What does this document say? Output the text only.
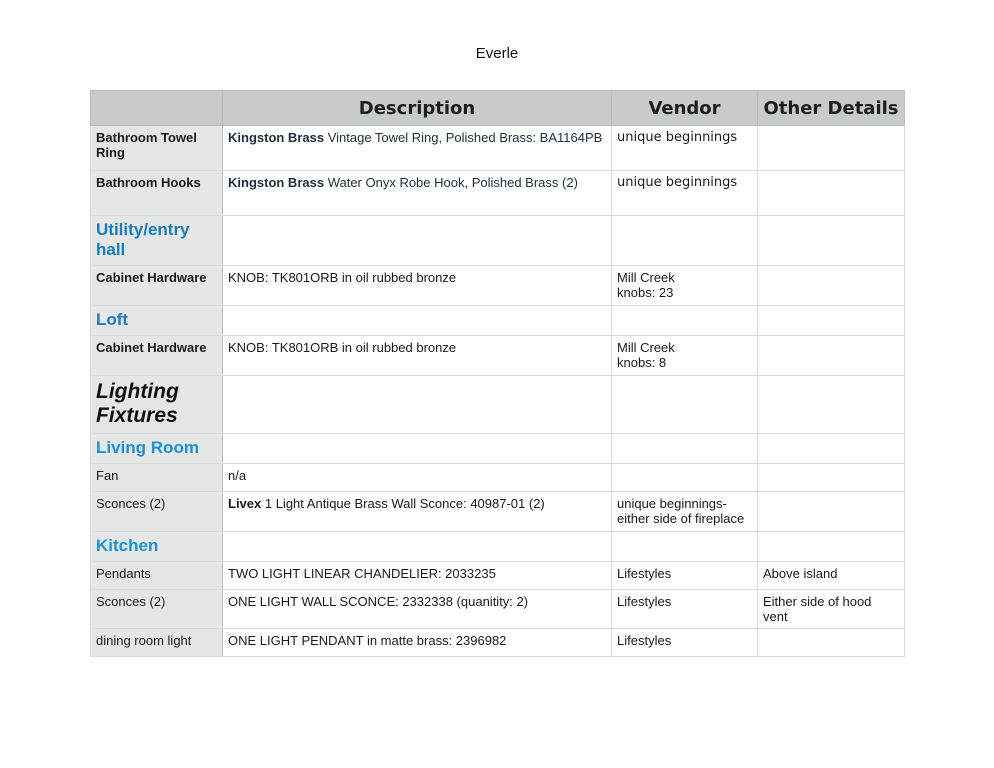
Everle
	Description	Vendor	Other Details
Bathroom Towel Ring	Kingston Brass Vintage Towel Ring, Polished Brass: BA1164PB	unique beginnings	
Bathroom Hooks	Kingston Brass Water Onyx Robe Hook, Polished Brass (2)	unique beginnings	
Utility/entry hall			
Cabinet Hardware	KNOB: TK801ORB in oil rubbed bronze	Mill Creek
knobs: 23	

Loft			
Cabinet Hardware	KNOB: TK801ORB in oil rubbed bronze	Mill Creek
knobs: 8	

Lighting Fixtures			
Living Room			
Fan	n/a		
Sconces (2)	Livex 1 Light Antique Brass Wall Sconce: 40987-01 (2)	unique beginnings-
either side of fireplace	

Kitchen			
Pendants	TWO LIGHT LINEAR CHANDELIER: 2033235	Lifestyles	Above island
Sconces (2)	ONE LIGHT WALL SCONCE: 2332338 (quanitity: 2)	Lifestyles	Either side of hood vent
dining room light	ONE LIGHT PENDANT in matte brass: 2396982	Lifestyles	
